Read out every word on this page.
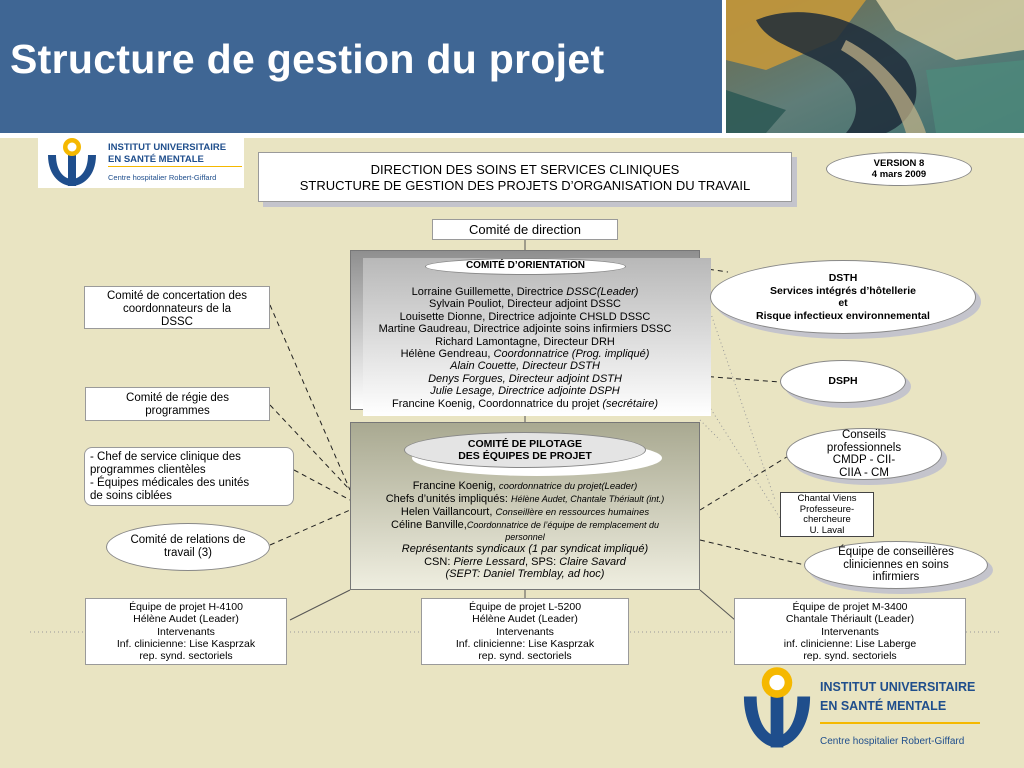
Structure de gestion du projet
INSTITUT UNIVERSITAIRE
EN SANTÉ MENTALE
Centre hospitalier Robert-Giffard
DIRECTION DES SOINS ET SERVICES CLINIQUES
STRUCTURE DE GESTION DES PROJETS D’ORGANISATION DU TRAVAIL
VERSION 8
4 mars 2009
Comité de direction
COMITÉ D’ORIENTATION
Lorraine Guillemette, Directrice DSSC(Leader)
Sylvain Pouliot, Directeur adjoint DSSC
Louisette Dionne, Directrice adjointe CHSLD DSSC
Martine Gaudreau, Directrice adjointe soins infirmiers DSSC
Richard Lamontagne, Directeur DRH
Hélène Gendreau, Coordonnatrice (Prog. impliqué)
Alain Couette, Directeur DSTH
Denys Forgues, Directeur adjoint DSTH
Julie Lesage, Directrice adjointe DSPH
Francine Koenig, Coordonnatrice du projet (secrétaire)
COMITÉ DE PILOTAGE
DES ÉQUIPES DE PROJET
Francine Koenig, coordonnatrice du projet(Leader)
Chefs d’unités impliqués: Hélène Audet, Chantale Thériault (int.)
Helen Vaillancourt, Conseillère en ressources humaines
Céline Banville,Coordonnatrice de l’équipe de remplacement du
personnel
Représentants syndicaux (1 par syndicat impliqué)
CSN: Pierre Lessard, SPS: Claire Savard
(SEPT: Daniel Tremblay, ad hoc)
Comité de concertation des
coordonnateurs de la
DSSC
Comité de régie des
programmes
- Chef de service clinique des
programmes clientèles
- Équipes médicales des unités
de soins ciblées
Comité de relations de
travail (3)
DSTH
Services intégrés d’hôtellerie
et
Risque infectieux environnemental
DSPH
Conseils
professionnels
CMDP - CII-
CIIA - CM
Chantal Viens
Professeure-
chercheure
U. Laval
Équipe de conseillères
cliniciennes en soins
infirmiers
Équipe de projet H-4100
Hélène Audet (Leader)
Intervenants
Inf. clinicienne: Lise Kasprzak
rep. synd. sectoriels
Équipe de projet L-5200
Hélène Audet (Leader)
Intervenants
Inf. clinicienne: Lise Kasprzak
rep. synd. sectoriels
Équipe de projet M-3400
Chantale Thériault (Leader)
Intervenants
inf. clinicienne: Lise Laberge
rep. synd. sectoriels
INSTITUT UNIVERSITAIRE
EN SANTÉ MENTALE
Centre hospitalier Robert-Giffard
